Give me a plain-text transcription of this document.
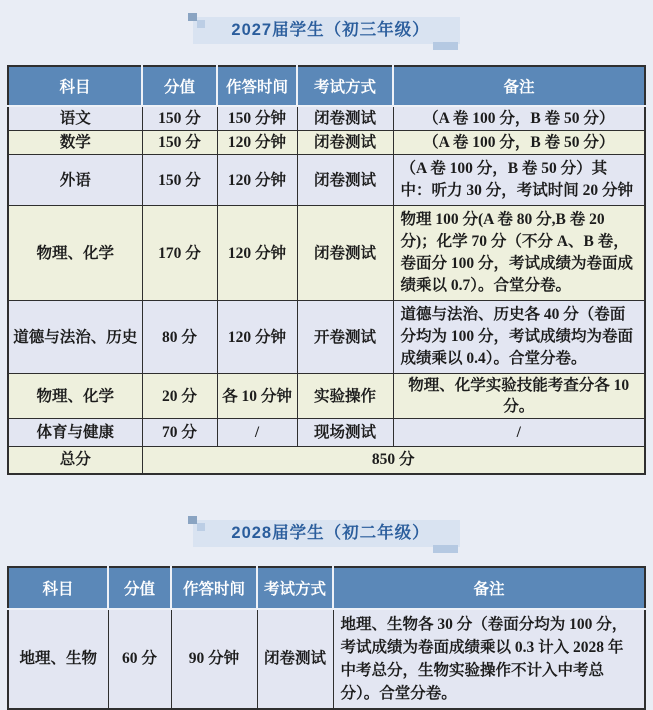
2027届学生（初三年级）
科目	分值	作答时间	考试方式	备注
语文	150 分	150 分钟	闭卷测试	（A 卷 100 分，B 卷 50 分）
数学	150 分	120 分钟	闭卷测试	（A 卷 100 分，B 卷 50 分）
外语	150 分	120 分钟	闭卷测试	（A 卷 100 分，B 卷 50 分）其中：听力 30 分，考试时间 20 分钟
物理、化学	170 分	120 分钟	闭卷测试	物理 100 分(A 卷 80 分,B 卷 20 分)；化学 70 分（不分 A、B 卷，卷面分 100 分，考试成绩为卷面成绩乘以 0.7）。合堂分卷。
道德与法治、历史	80 分	120 分钟	开卷测试	道德与法治、历史各 40 分（卷面分均为 100 分，考试成绩均为卷面成绩乘以 0.4）。合堂分卷。
物理、化学	20 分	各 10 分钟	实验操作	物理、化学实验技能考查分各 10 分。
体育与健康	70 分	/	现场测试	/
总分	850 分			
2028届学生（初二年级）
科目	分值	作答时间	考试方式	备注
地理、生物	60 分	90 分钟	闭卷测试	地理、生物各 30 分（卷面分均为 100 分，考试成绩为卷面成绩乘以 0.3 计入 2028 年中考总分，生物实验操作不计入中考总分）。合堂分卷。
